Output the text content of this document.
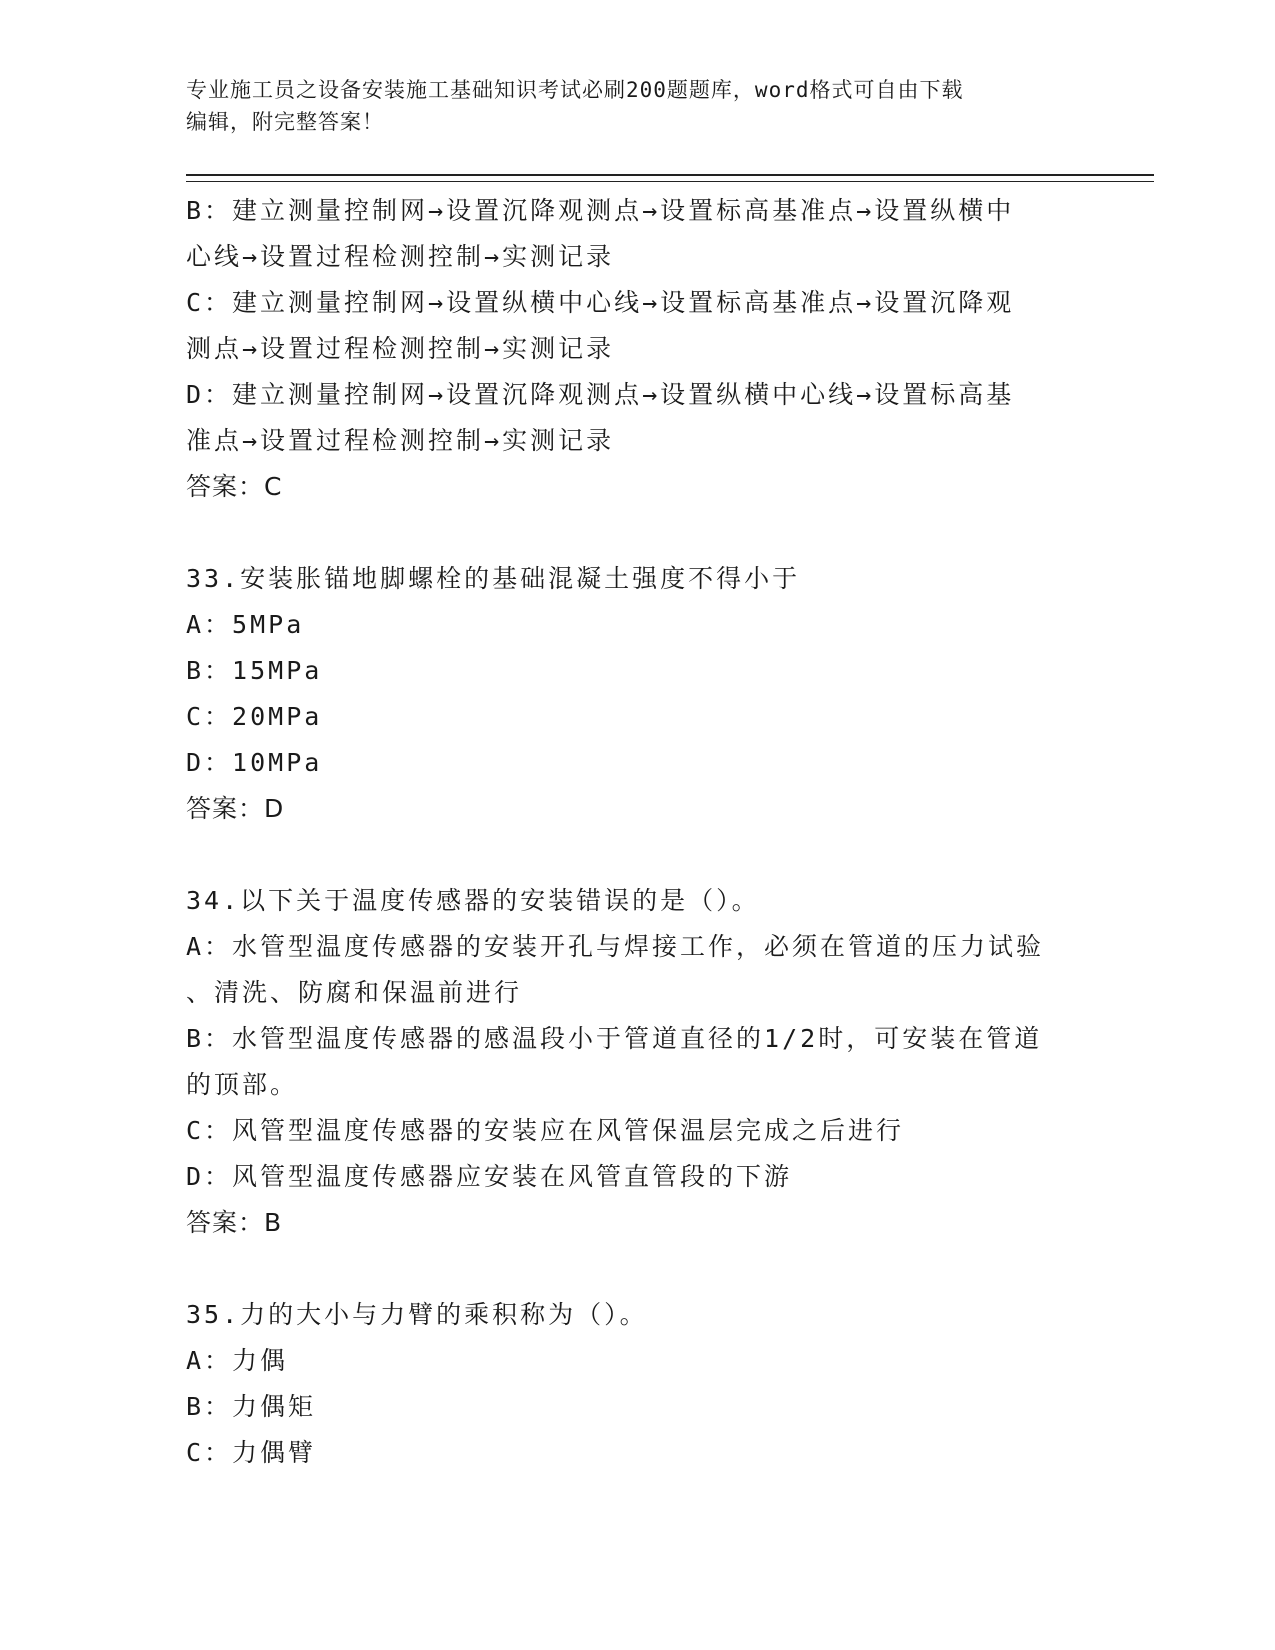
专业施工员之设备安装施工基础知识考试必刷200题题库，word格式可自由下载
编辑，附完整答案！
B：建立测量控制网→设置沉降观测点→设置标高基准点→设置纵横中
心线→设置过程检测控制→实测记录
C：建立测量控制网→设置纵横中心线→设置标高基准点→设置沉降观
测点→设置过程检测控制→实测记录
D：建立测量控制网→设置沉降观测点→设置纵横中心线→设置标高基
准点→设置过程检测控制→实测记录
答案：C
33.安装胀锚地脚螺栓的基础混凝土强度不得小于
A：5MPa
B：15MPa
C：20MPa
D：10MPa
答案：D
34.以下关于温度传感器的安装错误的是（）。
A：水管型温度传感器的安装开孔与焊接工作，必须在管道的压力试验
、清洗、防腐和保温前进行
B：水管型温度传感器的感温段小于管道直径的1/2时，可安装在管道
的顶部。
C：风管型温度传感器的安装应在风管保温层完成之后进行
D：风管型温度传感器应安装在风管直管段的下游
答案：B
35.力的大小与力臂的乘积称为（）。
A：力偶
B：力偶矩
C：力偶臂
